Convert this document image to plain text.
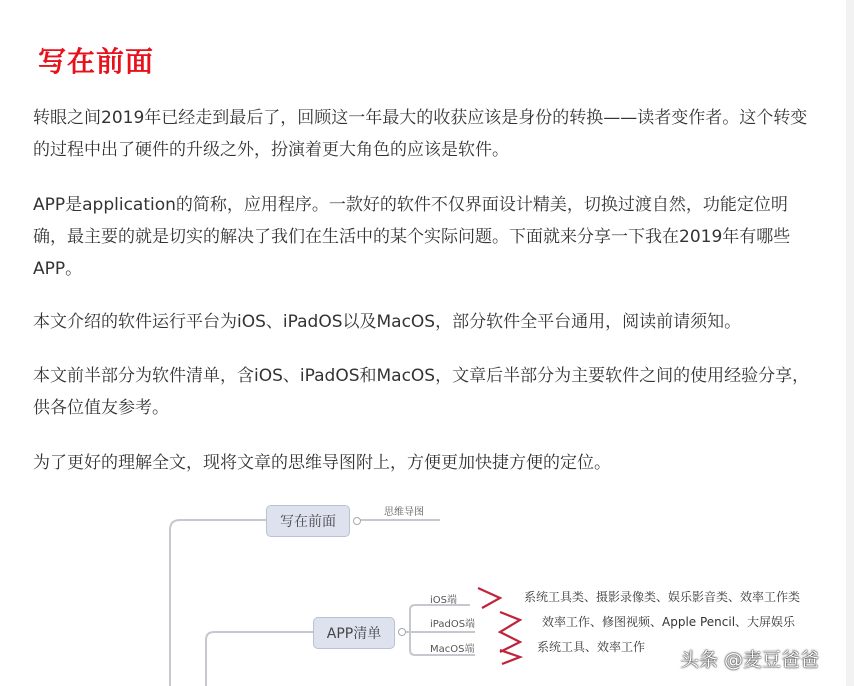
写在前面

转眼之间2019年已经走到最后了，回顾这一年最大的收获应该是身份的转换——读者变作者。这个转变的过程中出了硬件的升级之外，扮演着更大角色的应该是软件。

APP是application的简称，应用程序。一款好的软件不仅界面设计精美，切换过渡自然，功能定位明确，最主要的就是切实的解决了我们在生活中的某个实际问题。下面就来分享一下我在2019年有哪些APP。

本文介绍的软件运行平台为iOS、iPadOS以及MacOS，部分软件全平台通用，阅读前请须知。

本文前半部分为软件清单，含iOS、iPadOS和MacOS，文章后半部分为主要软件之间的使用经验分享，供各位值友参考。

为了更好的理解全文，现将文章的思维导图附上，方便更加快捷方便的定位。

写在前面
思维导图
APP清单
iOS端
iPadOS端
MacOS端
系统工具类、摄影录像类、娱乐影音类、效率工作类
效率工作、修图视频、Apple Pencil、大屏娱乐
系统工具、效率工作
头条 @麦豆爸爸
